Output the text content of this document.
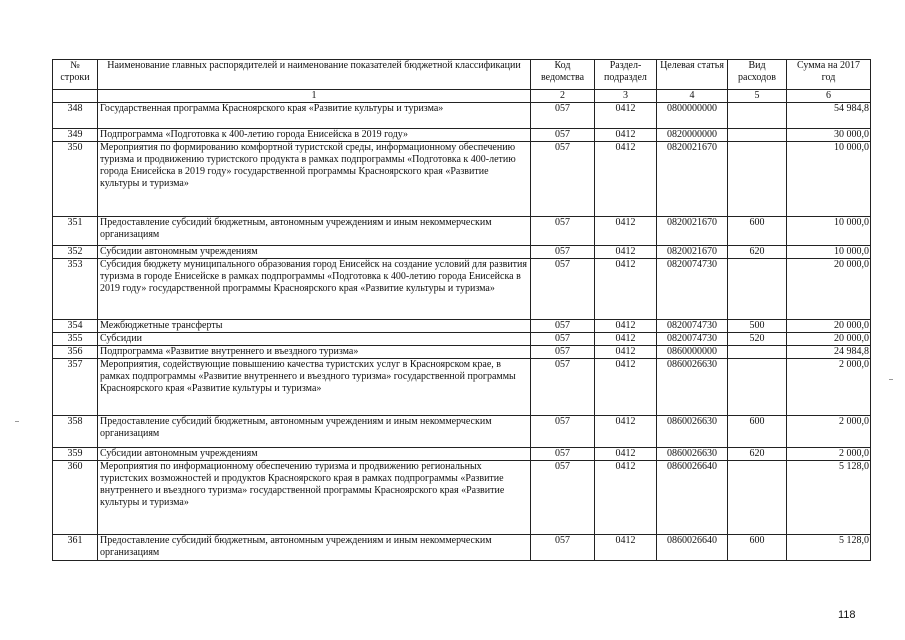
№ строки	Наименование главных распорядителей и наименование показателей бюджетной классификации	Код ведомства	Раздел-подраздел	Целевая статья	Вид расходов	Сумма на 2017 год
	1	2	3	4	5	6
348	Государственная программа Красноярского края «Развитие культуры и туризма»	057	0412	0800000000		54 984,8
349	Подпрограмма «Подготовка к 400-летию города Енисейска в 2019 году»	057	0412	0820000000		30 000,0
350	Мероприятия по формированию комфортной туристской среды, информационному обеспечению туризма и продвижению туристского продукта в рамках подпрограммы «Подготовка к 400-летию города Енисейска в 2019 году» государственной программы Красноярского края «Развитие культуры и туризма»	057	0412	0820021670		10 000,0
351	Предоставление субсидий бюджетным, автономным учреждениям и иным некоммерческим организациям	057	0412	0820021670	600	10 000,0
352	Субсидии автономным учреждениям	057	0412	0820021670	620	10 000,0
353	Субсидия бюджету муниципального образования город Енисейск на создание условий для развития туризма в городе Енисейске в рамках подпрограммы «Подготовка к 400-летию города Енисейска в 2019 году» государственной программы Красноярского края «Развитие культуры и туризма»	057	0412	0820074730		20 000,0
354	Межбюджетные трансферты	057	0412	0820074730	500	20 000,0
355	Субсидии	057	0412	0820074730	520	20 000,0
356	Подпрограмма «Развитие внутреннего и въездного туризма»	057	0412	0860000000		24 984,8
357	Мероприятия, содействующие повышению качества туристских услуг в Красноярском крае, в рамках подпрограммы «Развитие внутреннего и въездного туризма» государственной программы Красноярского края «Развитие культуры и туризма»	057	0412	0860026630		2 000,0
358	Предоставление субсидий бюджетным, автономным учреждениям и иным некоммерческим организациям	057	0412	0860026630	600	2 000,0
359	Субсидии автономным учреждениям	057	0412	0860026630	620	2 000,0
360	Мероприятия по информационному обеспечению туризма и продвижению региональных туристских возможностей и продуктов Красноярского края в рамках подпрограммы «Развитие внутреннего и въездного туризма» государственной программы Красноярского края «Развитие культуры и туризма»	057	0412	0860026640		5 128,0
361	Предоставление субсидий бюджетным, автономным учреждениям и иным некоммерческим организациям	057	0412	0860026640	600	5 128,0
118
